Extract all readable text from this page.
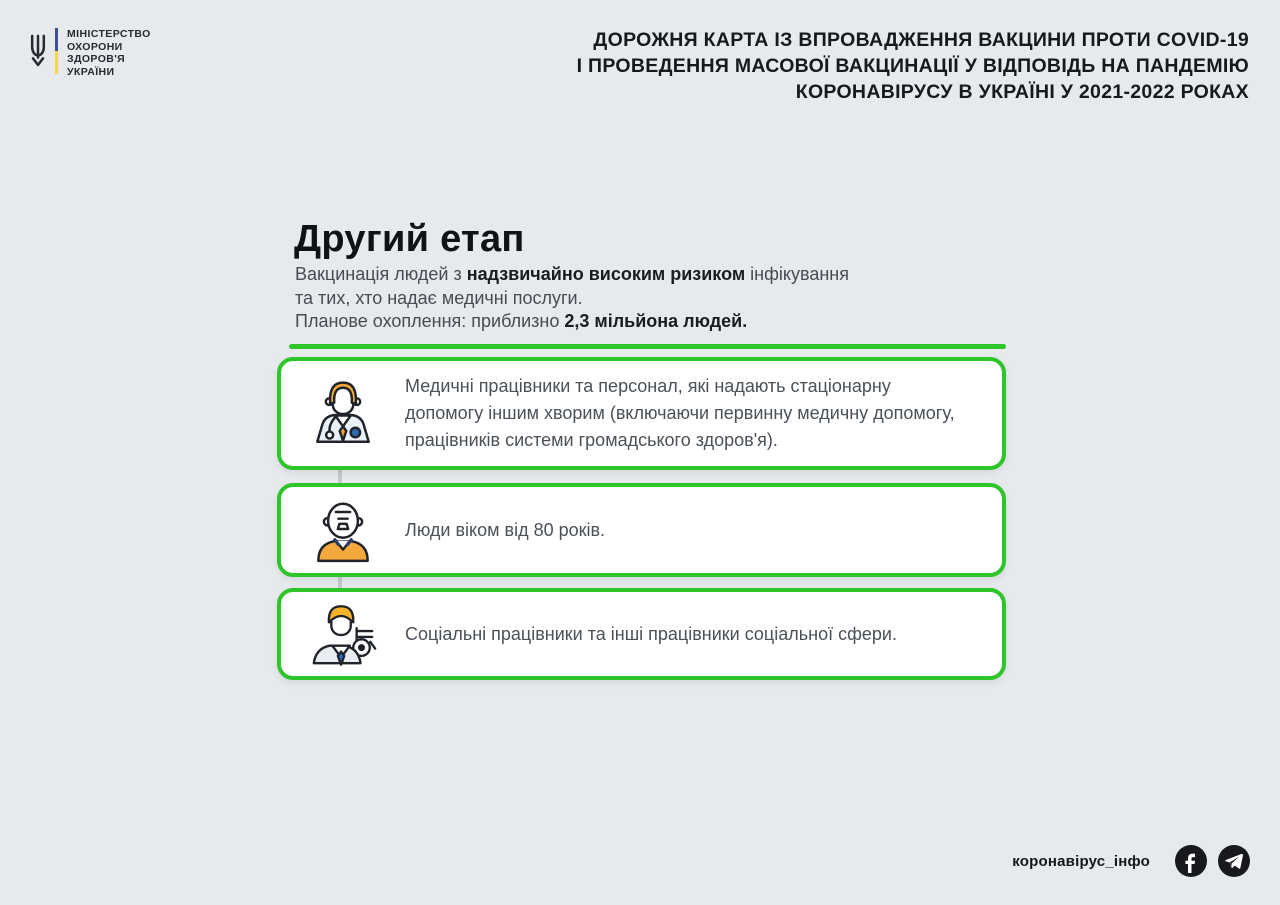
МІНІСТЕРСТВО
ОХОРОНИ
ЗДОРОВ'Я
УКРАЇНИ
ДОРОЖНЯ КАРТА ІЗ ВПРОВАДЖЕННЯ ВАКЦИНИ ПРОТИ COVID-19
І ПРОВЕДЕННЯ МАСОВОЇ ВАКЦИНАЦІЇ У ВІДПОВІДЬ НА ПАНДЕМІЮ
КОРОНАВІРУСУ В УКРАЇНІ У 2021-2022 РОКАХ
Другий етап
Вакцинація людей з надзвичайно високим ризиком інфікування
та тих, хто надає медичні послуги.
Планове охоплення: приблизно 2,3 мільйона людей.
Медичні працівники та персонал, які надають стаціонарну допомогу іншим хворим (включаючи первинну медичну допомогу, працівників системи громадського здоров'я).
Люди віком від 80 років.
Соціальні працівники та інші працівники соціальної сфери.
коронавірус_інфо
